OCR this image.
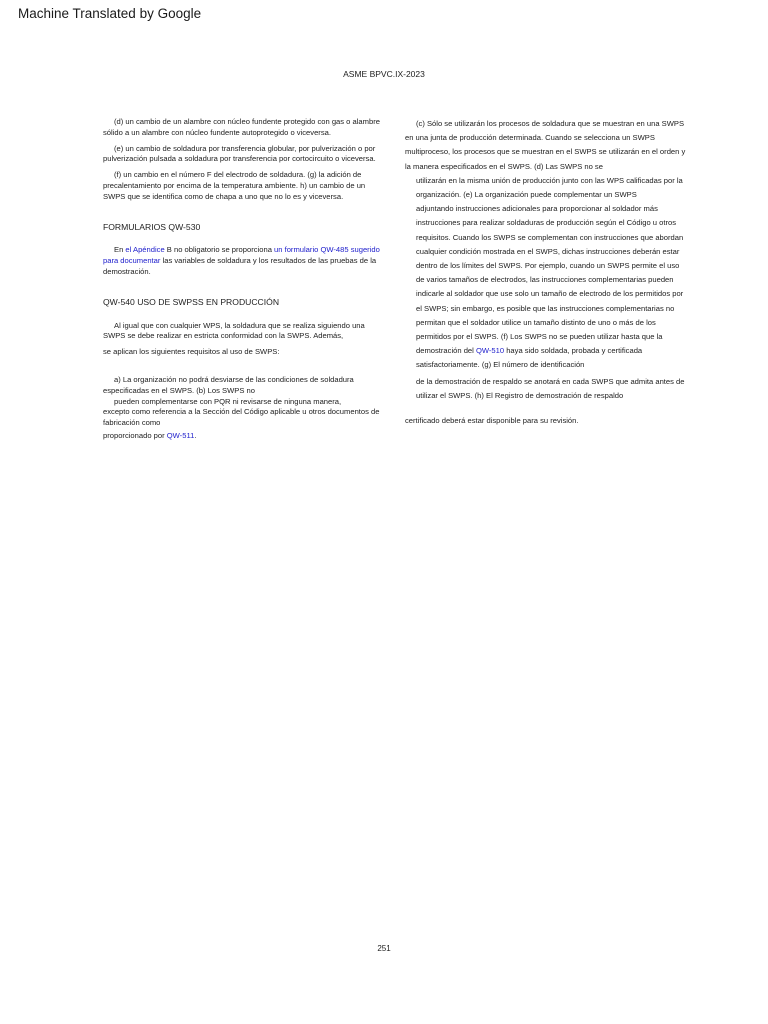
Machine Translated by Google
ASME BPVC.IX-2023

(d) un cambio de un alambre con núcleo fundente protegido con gas o alambre sólido a un alambre con núcleo fundente autoprotegido o viceversa.

(e) un cambio de soldadura por transferencia globular, por pulverización o por pulverización pulsada a soldadura por transferencia por cortocircuito o viceversa.

(f) un cambio en el número F del electrodo de soldadura. (g) la adición de precalentamiento por encima de la temperatura ambiente. h) un cambio de un SWPS que se identifica como de chapa a uno que no lo es y viceversa.

FORMULARIOS QW-530

En el Apéndice B no obligatorio se proporciona un formulario QW-485 sugerido para documentar las variables de soldadura y los resultados de las pruebas de la demostración.

QW-540 USO DE SWPSS EN PRODUCCIÓN

Al igual que con cualquier WPS, la soldadura que se realiza siguiendo una SWPS se debe realizar en estricta conformidad con la SWPS. Además,

se aplican los siguientes requisitos al uso de SWPS:

a) La organización no podrá desviarse de las condiciones de soldadura especificadas en el SWPS. (b) Los SWPS no

pueden complementarse con PQR ni revisarse de ninguna manera,

excepto como referencia a la Sección del Código aplicable u otros documentos de fabricación como

proporcionado por QW-511.

(c) Sólo se utilizarán los procesos de soldadura que se muestran en una SWPS en una junta de producción determinada. Cuando se selecciona un SWPS multiproceso, los procesos que se muestran en el SWPS se utilizarán en el orden y la manera especificados en el SWPS. (d) Las SWPS no se

utilizarán en la misma unión de producción junto con las WPS calificadas por la organización. (e) La organización puede complementar un SWPS

adjuntando instrucciones adicionales para proporcionar al soldador más instrucciones para realizar soldaduras de producción según el Código u otros requisitos. Cuando los SWPS se complementan con instrucciones que abordan cualquier condición mostrada en el SWPS, dichas instrucciones deberán estar dentro de los límites del SWPS. Por ejemplo, cuando un SWPS permite el uso de varios tamaños de electrodos, las instrucciones complementarias pueden indicarle al soldador que use solo un tamaño de electrodo de los permitidos por el SWPS; sin embargo, es posible que las instrucciones complementarias no permitan que el soldador utilice un tamaño distinto de uno o más de los permitidos por el SWPS. (f) Los SWPS no se pueden utilizar hasta que la demostración del QW-510 haya sido soldada, probada y certificada satisfactoriamente. (g) El número de identificación

de la demostración de respaldo se anotará en cada SWPS que admita antes de utilizar el SWPS. (h) El Registro de demostración de respaldo

certificado deberá estar disponible para su revisión.

251
